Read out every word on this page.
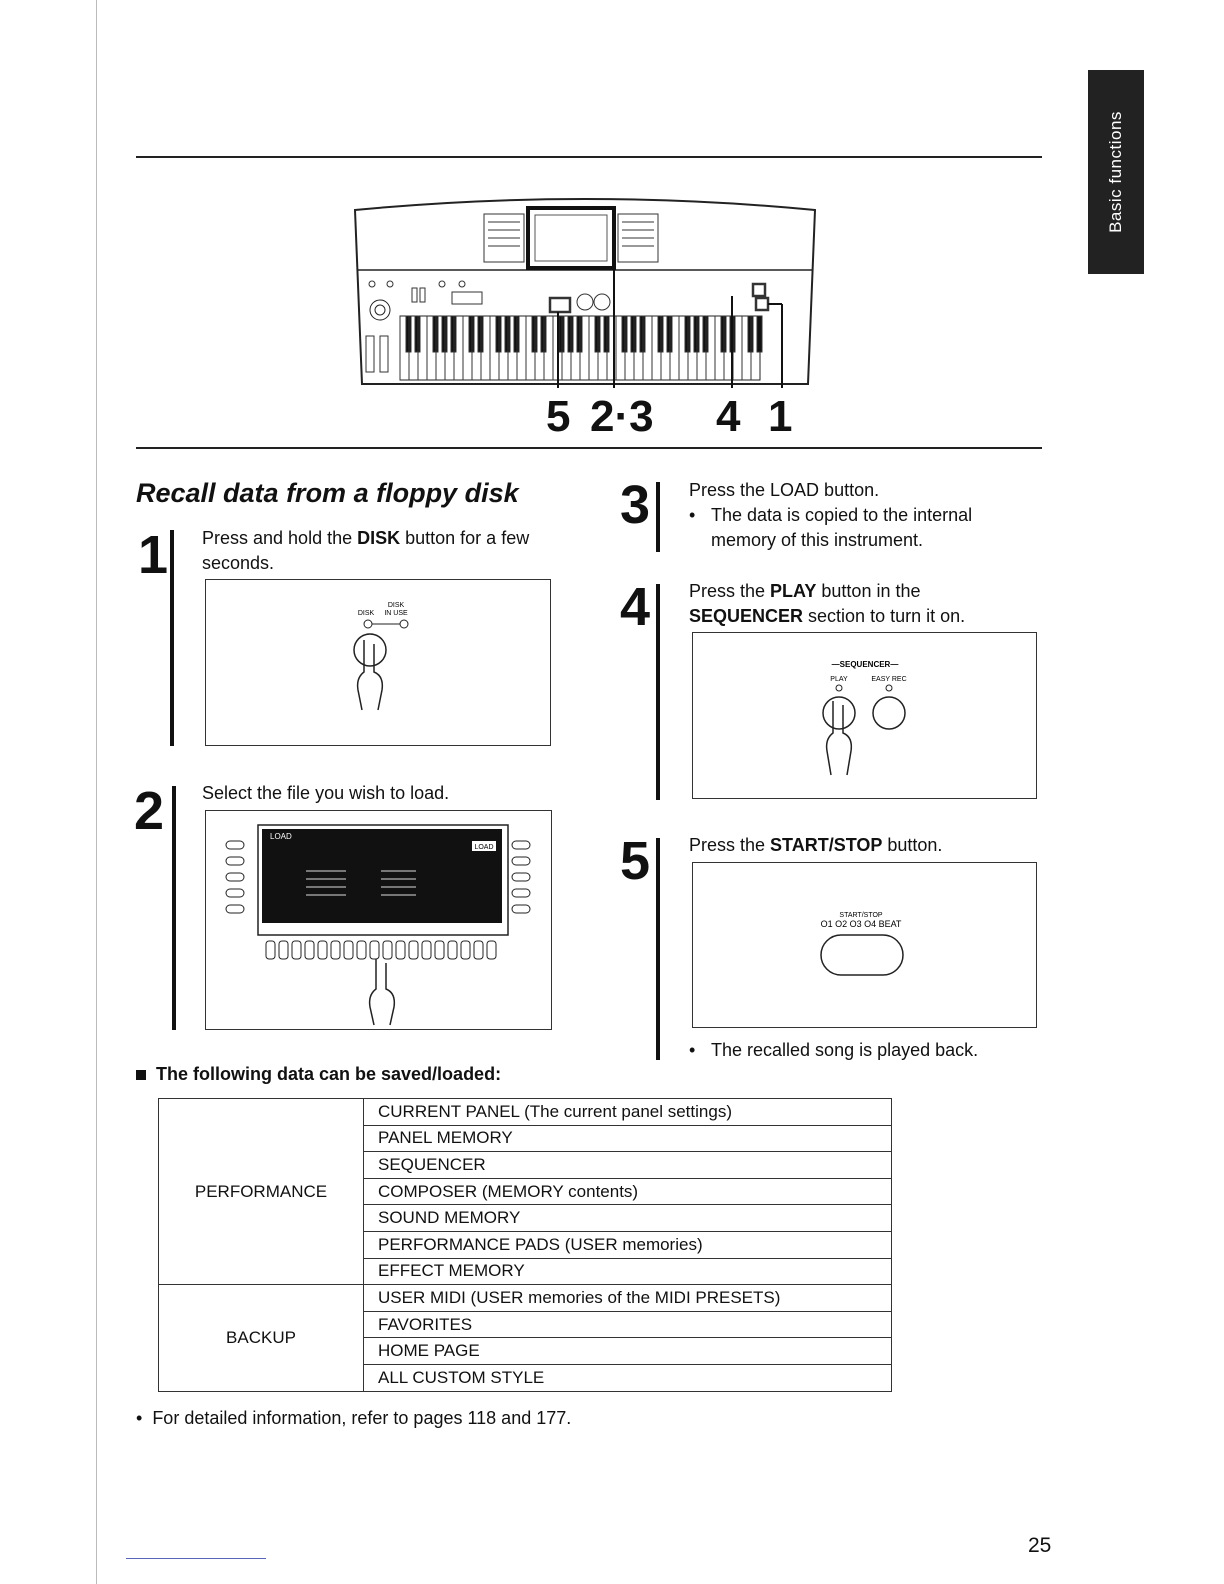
Basic functions
5 2·3 4 1
Recall data from a floppy disk
1 Press and hold the DISK button for a few seconds.
DISK
IN USE
DISK
2 Select the file you wish to load.
LOAD
LOAD
3 Press the LOAD button.
• The data is copied to the internal memory of this instrument.
4 Press the PLAY button in the SEQUENCER section to turn it on.
—SEQUENCER—
PLAY	EASY REC
5 Press the START/STOP button.
START/STOP
O1 O2 O3 O4 BEAT
• The recalled song is played back.
The following data can be saved/loaded:
PERFORMANCE	CURRENT PANEL (The current panel settings)
	PANEL MEMORY
	SEQUENCER
	COMPOSER (MEMORY contents)
	SOUND MEMORY
	PERFORMANCE PADS (USER memories)
	EFFECT MEMORY
BACKUP	USER MIDI (USER memories of the MIDI PRESETS)
	FAVORITES
	HOME PAGE
	ALL CUSTOM STYLE
•  For detailed information, refer to pages 118 and 177.
25
